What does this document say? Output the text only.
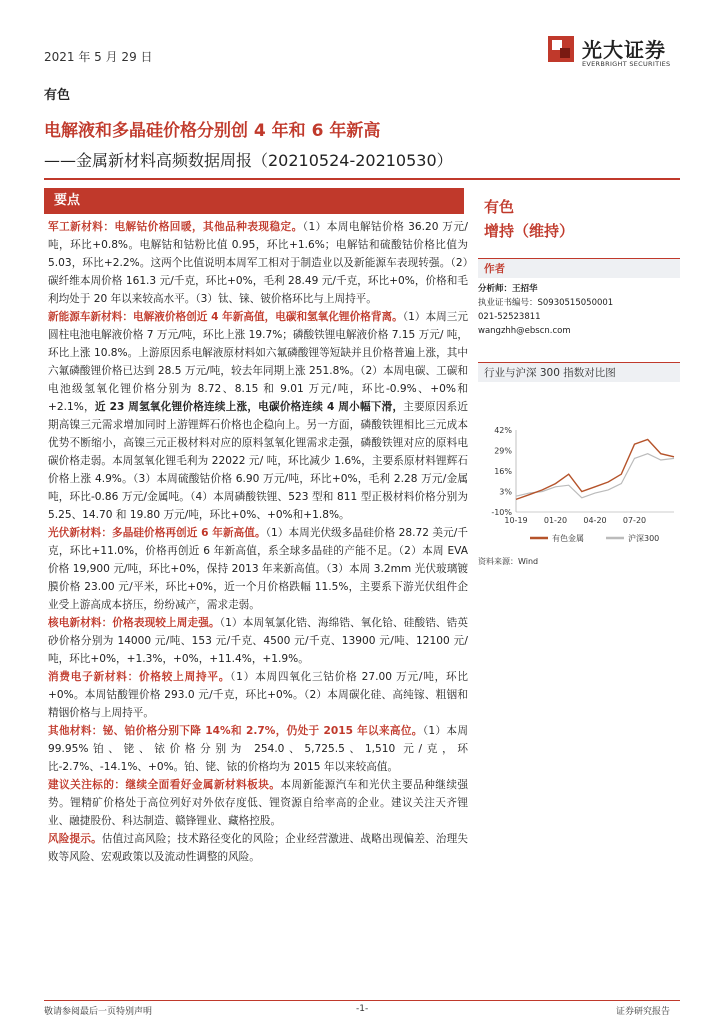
2021 年 5 月 29 日	光大证券
EVERBRIGHT SECURITIES
有色
电解液和多晶硅价格分别创 4 年和 6 年新高
——金属新材料高频数据周报（20210524-20210530）
要点

军工新材料：电解钴价格回暖，其他品种表现稳定。（1）本周电解钴价格 36.20 万元/吨，环比+0.8%。电解钴和钴粉比值 0.95，环比+1.6%；电解钴和硫酸钴价格比值为 5.03，环比+2.2%。这两个比值说明本周军工相对于制造业以及新能源车表现转强。（2）碳纤维本周价格 161.3 元/千克，环比+0%，毛利 28.49 元/千克，环比+0%，价格和毛利均处于 20 年以来较高水平。（3）钛、铼、铍价格环比与上周持平。

新能源车新材料：电解液价格创近 4 年新高值，电碳和氢氧化锂价格背离。（1）本周三元圆柱电池电解液价格 7 万元/吨，环比上涨 19.7%；磷酸铁锂电解液价格 7.15 万元/ 吨，环比上涨 10.8%。上游原因系电解液原材料如六氟磷酸锂等短缺并且价格普遍上涨，其中六氟磷酸锂价格已达到 28.5 万元/吨，较去年同期上涨 251.8%。（2）本周电碳、工碳和电池级氢氧化锂价格分别为 8.72、8.15 和 9.01 万元/吨，环比-0.9%、+0%和+2.1%，近 23 周氢氧化锂价格连续上涨，电碳价格连续 4 周小幅下滑，主要原因系近期高镍三元需求增加同时上游锂辉石价格也企稳向上。另一方面，磷酸铁锂相比三元成本优势不断缩小，高镍三元正极材料对应的原料氢氧化锂需求走强，磷酸铁锂对应的原料电碳价格走弱。本周氢氧化锂毛利为 22022 元/ 吨，环比减少 1.6%，主要系原材料锂辉石价格上涨 4.9%。（3）本周硫酸钴价格 6.90 万元/吨，环比+0%，毛利 2.28 万元/金属吨，环比-0.86 万元/金属吨。（4）本周磷酸铁锂、523 型和 811 型正极材料价格分别为 5.25、14.70 和 19.80 万元/吨，环比+0%、+0%和+1.8%。

光伏新材料：多晶硅价格再创近 6 年新高值。（1）本周光伏级多晶硅价格 28.72 美元/千克，环比+11.0%，价格再创近 6 年新高值，系全球多晶硅的产能不足。（2）本周 EVA 价格 19,900 元/吨，环比+0%，保持 2013 年来新高值。（3）本周 3.2mm 光伏玻璃镀膜价格 23.00 元/平米，环比+0%，近一个月价格跌幅 11.5%，主要系下游光伏组件企业受上游高成本挤压，纷纷减产，需求走弱。

核电新材料：价格表现较上周走强。（1）本周氧氯化锆、海绵锆、氧化铪、硅酸锆、锆英砂价格分别为 14000 元/吨、153 元/千克、4500 元/千克、13900 元/吨、12100 元/吨，环比+0%，+1.3%，+0%，+11.4%，+1.9%。

消费电子新材料：价格较上周持平。（1）本周四氧化三钴价格 27.00 万元/吨，环比+0%。本周钴酸锂价格 293.0 元/千克，环比+0%。（2）本周碳化硅、高纯镓、粗铟和精铟价格与上周持平。

其他材料：铋、铂价格分别下降 14%和 2.7%，仍处于 2015 年以来高位。（1）本周 99.95%铂、铑、铱价格分别为 254.0、5,725.5、1,510 元/克，环比-2.7%、-14.1%、+0%。铂、铑、铱的价格均为 2015 年以来较高值。

建议关注标的：继续全面看好金属新材料板块。本周新能源汽车和光伏主要品种继续强势。锂精矿价格处于高位列好对外依存度低、锂资源自给率高的企业。建议关注天齐锂业、融捷股份、科达制造、赣锋锂业、藏格控股。

风险提示。估值过高风险；技术路径变化的风险；企业经营激进、战略出现偏差、治理失败等风险、宏观政策以及流动性调整的风险。

有色
增持（维持）
作者
分析师：王招华
执业证书编号：S0930515050001
021-52523811
wangzhh@ebscn.com
行业与沪深 300 指数对比图
42%
29%
16%
3%
-10%
10-19 01-20 04-20 07-20
有色金属	沪深300
资料来源：Wind
敬请参阅最后一页特别声明	-1-	证券研究报告
